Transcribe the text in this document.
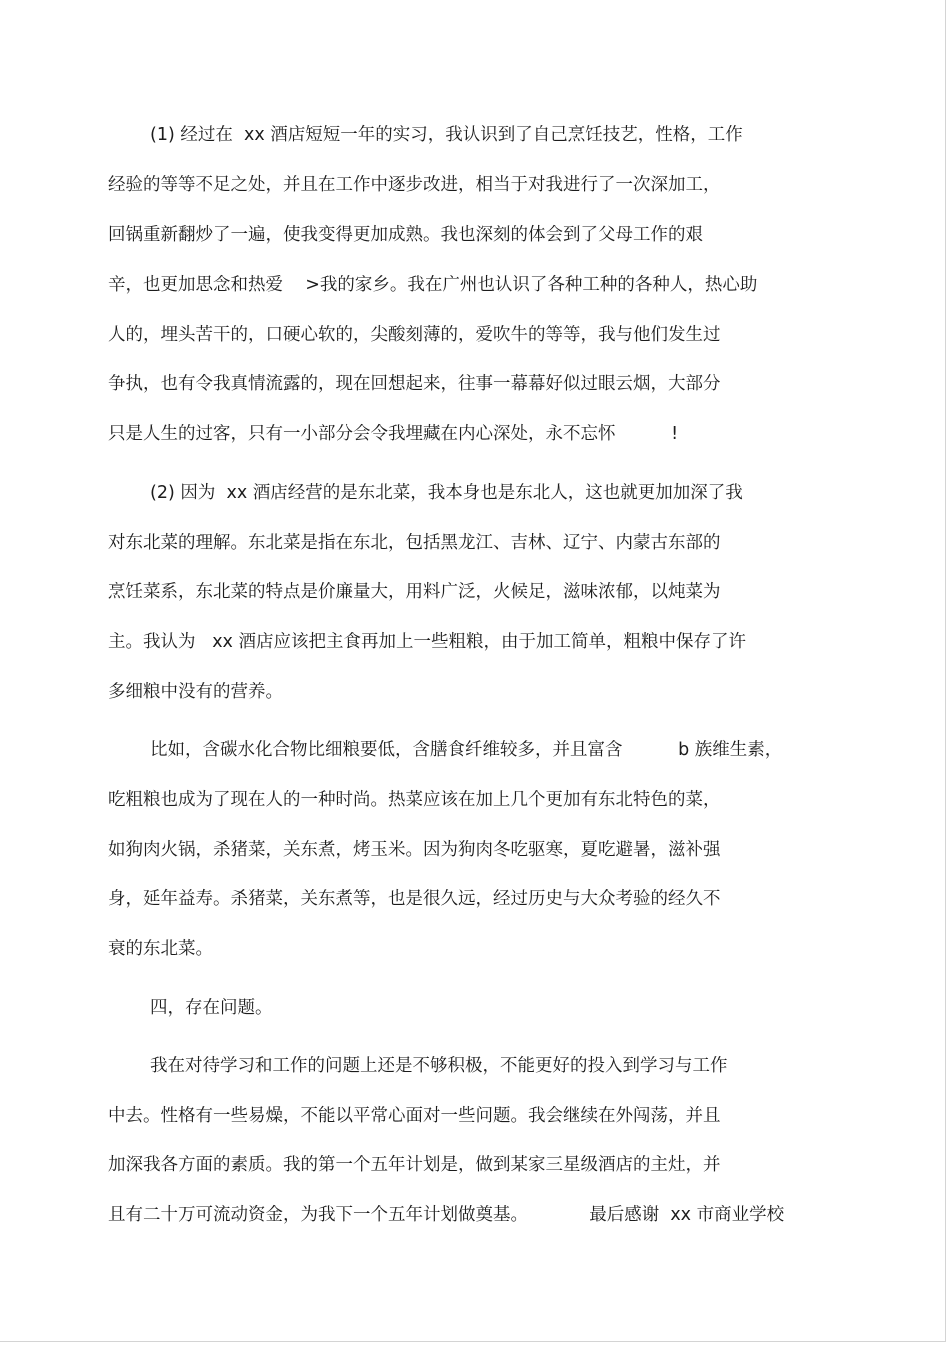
(1) 经过在  xx 酒店短短一年的实习，我认识到了自己烹饪技艺，性格，工作
经验的等等不足之处，并且在工作中逐步改进，相当于对我进行了一次深加工，
回锅重新翻炒了一遍，使我变得更加成熟。我也深刻的体会到了父母工作的艰
辛，也更加思念和热爱    >我的家乡。我在广州也认识了各种工种的各种人，热心助
人的，埋头苦干的，口硬心软的，尖酸刻薄的，爱吹牛的等等，我与他们发生过
争执，也有令我真情流露的，现在回想起来，往事一幕幕好似过眼云烟，大部分
只是人生的过客，只有一小部分会令我埋藏在内心深处，永不忘怀          !
(2) 因为  xx 酒店经营的是东北菜，我本身也是东北人，这也就更加加深了我
对东北菜的理解。东北菜是指在东北，包括黑龙江、吉林、辽宁、内蒙古东部的
烹饪菜系，东北菜的特点是价廉量大，用料广泛，火候足，滋味浓郁，以炖菜为
主。我认为   xx 酒店应该把主食再加上一些粗粮，由于加工简单，粗粮中保存了许
多细粮中没有的营养。
比如，含碳水化合物比细粮要低，含膳食纤维较多，并且富含          b 族维生素，
吃粗粮也成为了现在人的一种时尚。热菜应该在加上几个更加有东北特色的菜，
如狗肉火锅，杀猪菜，关东煮，烤玉米。因为狗肉冬吃驱寒，夏吃避暑，滋补强
身，延年益寿。杀猪菜，关东煮等，也是很久远，经过历史与大众考验的经久不
衰的东北菜。
四，存在问题。
我在对待学习和工作的问题上还是不够积极，不能更好的投入到学习与工作
中去。性格有一些易燥，不能以平常心面对一些问题。我会继续在外闯荡，并且
加深我各方面的素质。我的第一个五年计划是，做到某家三星级酒店的主灶，并
且有二十万可流动资金，为我下一个五年计划做奠基。           最后感谢  xx 市商业学校
